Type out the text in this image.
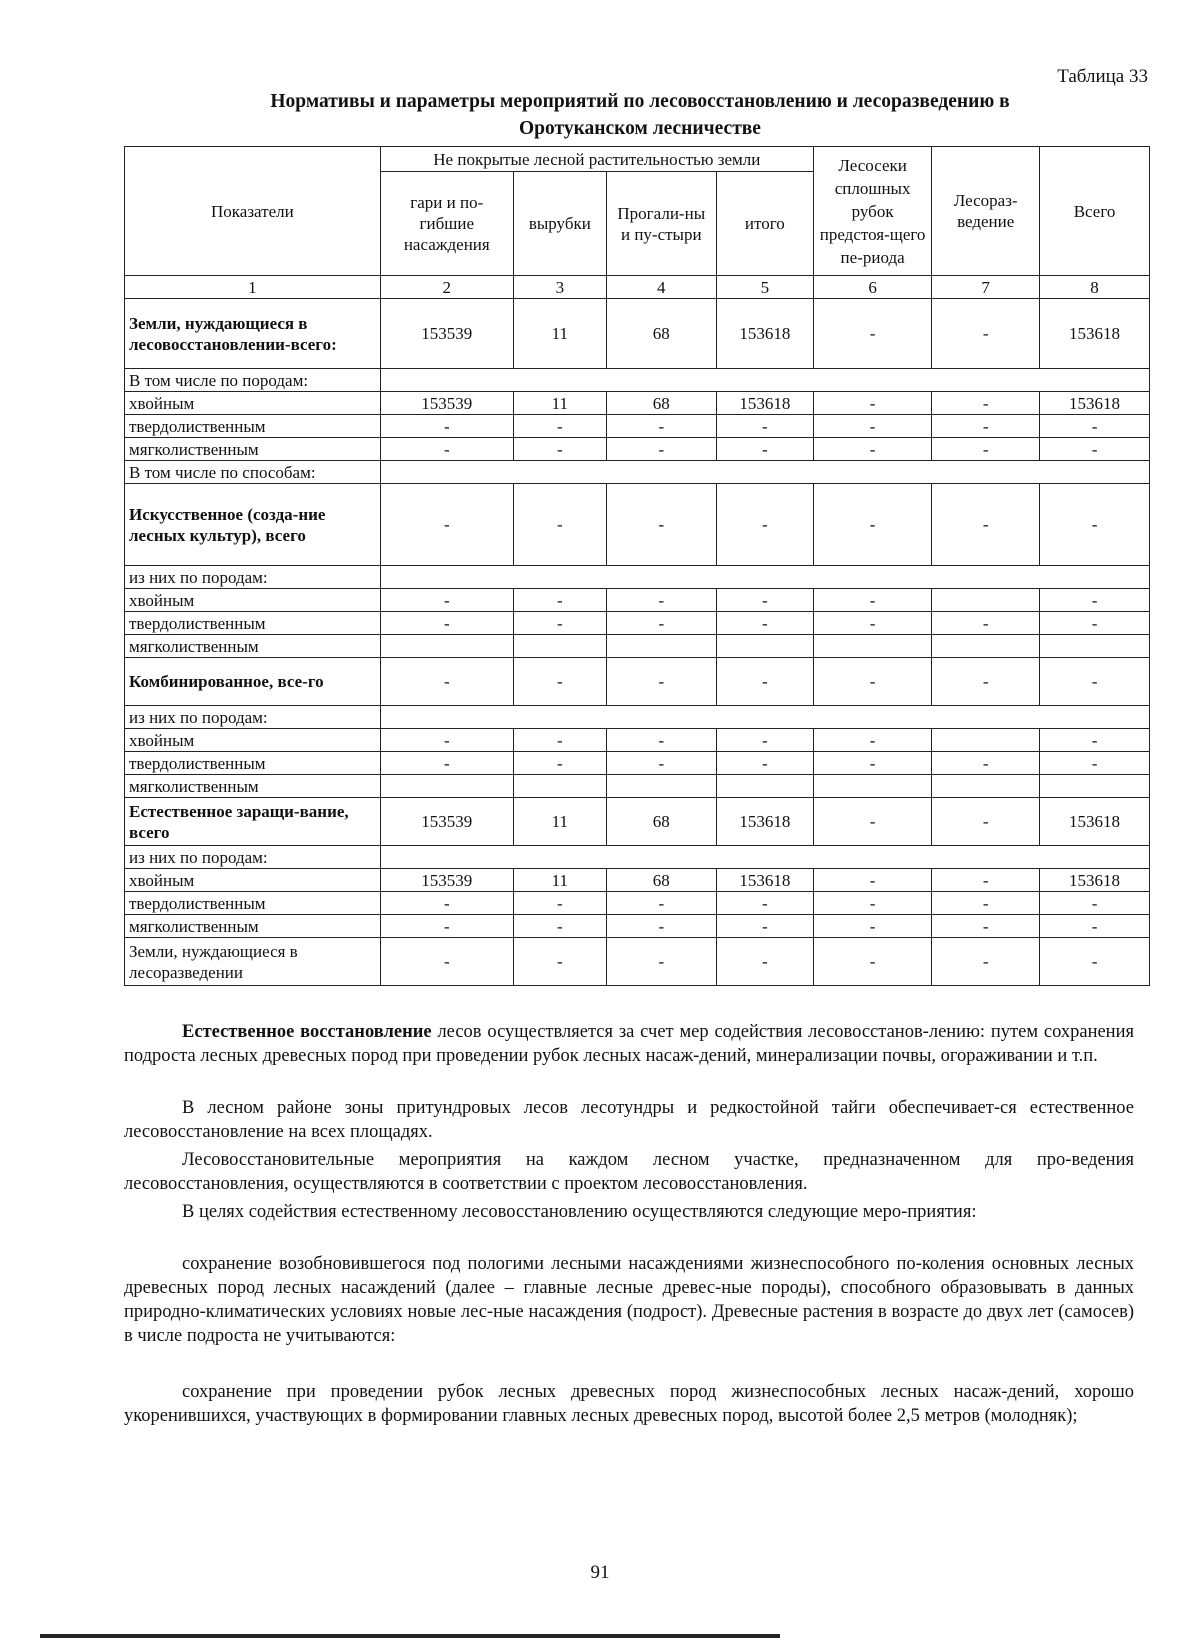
Таблица 33
Нормативы и параметры мероприятий по лесовосстановлению и лесоразведению в
Оротуканском лесничестве
Показатели	Не покрытые лесной растительностью земли				Лесосеки сплошных рубок предстоя-щего пе-риода	Лесораз-ведение	Всего
	гари и по-гибшие насаждения	вырубки	Прогали-ны и пу-стыри	итого			
1	2	3	4	5	6	7	8
Земли, нуждающиеся в лесовосстановлении-всего:	153539	11	68	153618	-	-	153618
В том числе по породам:							
хвойным	153539	11	68	153618	-	-	153618
твердолиственным	-	-	-	-	-	-	-
мягколиственным	-	-	-	-	-	-	-
В том числе по способам:							
Искусственное (созда-ние лесных культур), всего	-	-	-	-	-	-	-
из них по породам:							
хвойным	-	-	-	-	-		-
твердолиственным	-	-	-	-	-	-	-
мягколиственным							
Комбинированное, все-го	-	-	-	-	-	-	-
из них по породам:							
хвойным	-	-	-	-	-		-
твердолиственным	-	-	-	-	-	-	-
мягколиственным							
Естественное заращи-вание, всего	153539	11	68	153618	-	-	153618
из них по породам:							
хвойным	153539	11	68	153618	-	-	153618
твердолиственным	-	-	-	-	-	-	-
мягколиственным	-	-	-	-	-	-	-
Земли, нуждающиеся в лесоразведении	-	-	-	-	-	-	-
Естественное восстановление лесов осуществляется за счет мер содействия лесовосстанов-лению: путем сохранения подроста лесных древесных пород при проведении рубок лесных насаж-дений, минерализации почвы, огораживании и т.п.
В лесном районе зоны притундровых лесов лесотундры и редкостойной тайги обеспечивает-ся естественное лесовосстановление на всех площадях.
Лесовосстановительные мероприятия на каждом лесном участке, предназначенном для про-ведения лесовосстановления, осуществляются в соответствии с проектом лесовосстановления.
В целях содействия естественному лесовосстановлению осуществляются следующие меро-приятия:
сохранение возобновившегося под пологими лесными насаждениями жизнеспособного по-коления основных лесных древесных пород лесных насаждений (далее – главные лесные древес-ные породы), способного образовывать в данных природно-климатических условиях новые лес-ные насаждения (подрост). Древесные растения в возрасте до двух лет (самосев) в числе подроста не учитываются:
сохранение при проведении рубок лесных древесных пород жизнеспособных лесных насаж-дений, хорошо укоренившихся, участвующих в формировании главных лесных древесных пород, высотой более 2,5 метров (молодняк);
91
